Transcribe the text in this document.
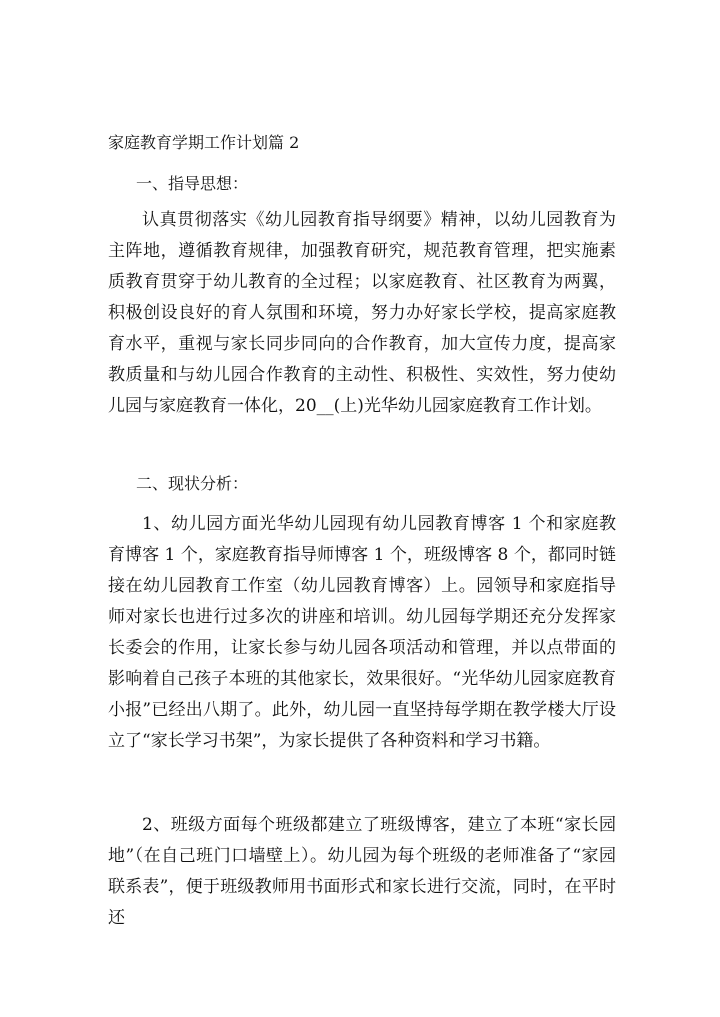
家庭教育学期工作计划篇 2
一、指导思想：

认真贯彻落实《幼儿园教育指导纲要》精神，以幼儿园教育为主阵地，遵循教育规律，加强教育研究，规范教育管理，把实施素质教育贯穿于幼儿教育的全过程；以家庭教育、社区教育为两翼，积极创设良好的育人氛围和环境，努力办好家长学校，提高家庭教育水平，重视与家长同步同向的合作教育，加大宣传力度，提高家教质量和与幼儿园合作教育的主动性、积极性、实效性，努力使幼儿园与家庭教育一体化，20__(上)光华幼儿园家庭教育工作计划。

二、现状分析：

1、幼儿园方面光华幼儿园现有幼儿园教育博客 1 个和家庭教育博客 1 个，家庭教育指导师博客 1 个，班级博客 8 个，都同时链接在幼儿园教育工作室（幼儿园教育博客）上。园领导和家庭指导师对家长也进行过多次的讲座和培训。幼儿园每学期还充分发挥家长委会的作用，让家长参与幼儿园各项活动和管理，并以点带面的影响着自己孩子本班的其他家长，效果很好。“光华幼儿园家庭教育小报”已经出八期了。此外，幼儿园一直坚持每学期在教学楼大厅设立了“家长学习书架”，为家长提供了各种资料和学习书籍。

2、班级方面每个班级都建立了班级博客，建立了本班“家长园地”（在自己班门口墙壁上）。幼儿园为每个班级的老师准备了“家园联系表”，便于班级教师用书面形式和家长进行交流，同时，在平时还
